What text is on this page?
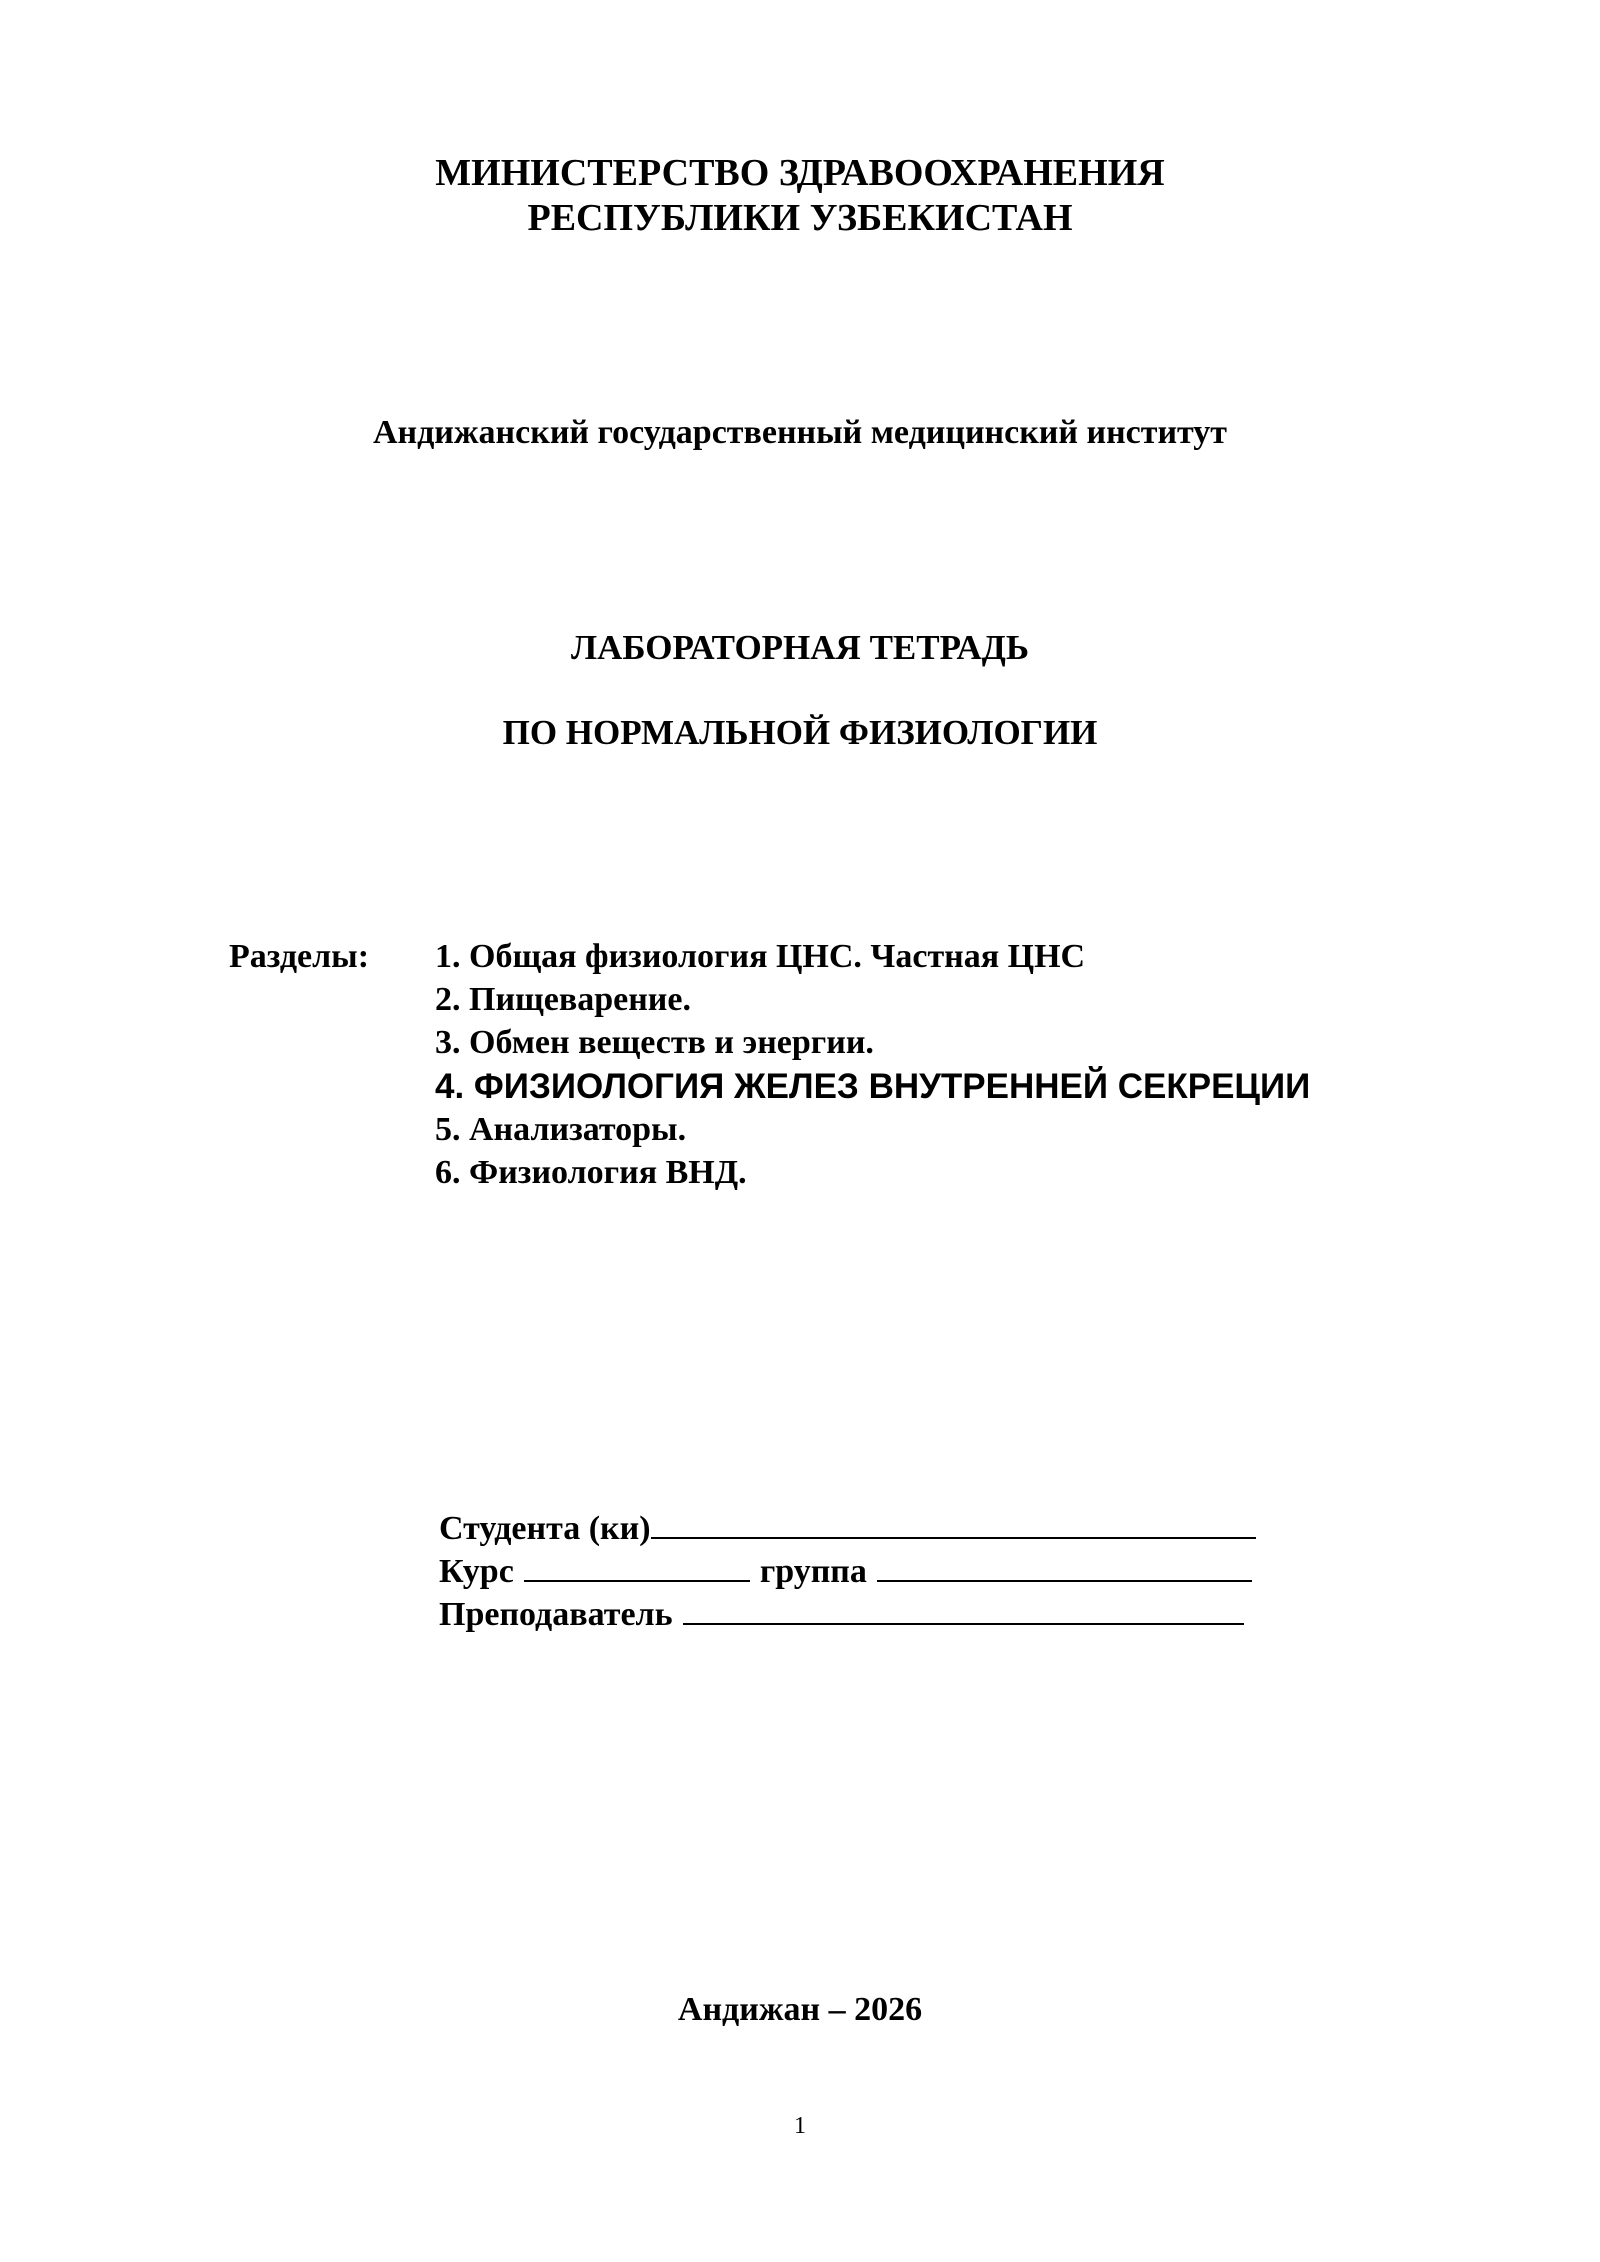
МИНИСТЕРСТВО ЗДРАВООХРАНЕНИЯ
РЕСПУБЛИКИ УЗБЕКИСТАН
Андижанский государственный медицинский институт
ЛАБОРАТОРНАЯ ТЕТРАДЬ
ПО НОРМАЛЬНОЙ ФИЗИОЛОГИИ
Разделы: 1. Общая физиология ЦНС. Частная ЦНС
2. Пищеварение.
3. Обмен веществ и энергии.
4. ФИЗИОЛОГИЯ ЖЕЛЕЗ ВНУТРЕННЕЙ СЕКРЕЦИИ
5. Анализаторы.
6. Физиология ВНД.
Студента (ки)
Курс	группа
Преподаватель
Андижан – 2026
1
